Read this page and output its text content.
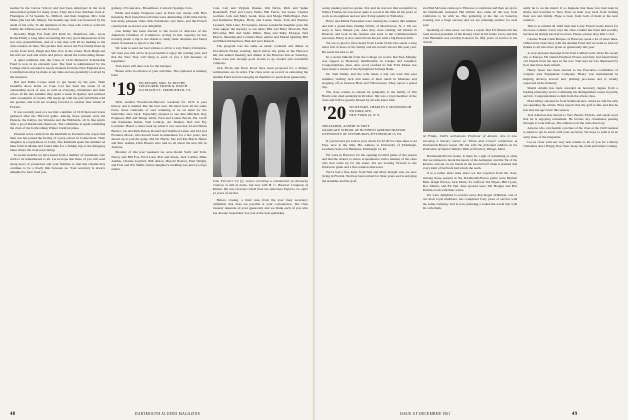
teacher in the Glover School and had been employed in the local educational system for many years. They have four children: Jack A. Flannigan, of 54 Seaside St., Milford, and their daughter, Mrs. John Matte (the late Mr. Matte). Six months ago Jack was bereaved by the death of his wife. To the members of the class who wish to write his family his address was sent forward.

Recently Hugh Fox from 203 Perth St., Brantford, Ont., wrote Rome Emley a long letter recounting the very good impressions of his two new grandchildren, and of a trip they will all be making to the class reunion in June. The picture here shows the Fox family lined up on the front lawn, Hugh and Mrs. Fox in the center. Both Hugh and his wife are well and active and plan to attend the forthcoming dinner.

A quiet reminder that the Class of 1919 Memorial Scholarship Fund is now in its eleventh year. The fund is administered by the College and is awarded to needy students from the New England area. Contributions may be made at any time and are gratefully received by the treasurer.

Hal and Eddie Cooke seem to get busier by the year. Their beautiful shore home on Cape Cod has been the scene of an outstanding stock of sun, as well as everyday, classmates and their wives. In the late summer they spent a week in Quebec and returned with a basketful of stories. Hal keeps up with his golf and Eddie with her garden, and both are looking forward to another fine winter in Florida.

It was recently seen at a tea that a number of 1919 men and wives gathered after the Harvard game. Among those present were the Parkers, the Kellys, the Warrens and the Hubbards, all in fine spirits after a good Dartmouth afternoon. The committee is again reminding the class of the forthcoming Winter Carnival plans.

Pleasant news came from the Kimballs in Portland who report that their son has joined the faculty of a prep school in Connecticut. Their daughter is a sophomore at Colby. The Kimballs spent the summer on their farm in Maine and found time for a fishing trip to the Rangeley lakes where the trout were biting.

In recent months we have heard from a number of classmates who wish to be remembered to all. Let us hope that more of you will send along news of yourselves and your families so that this column may continue to be a lively link between us. Your secretary is always delighted to hear from you.

gomery, 25 Lake Ave., Broadmoor, Colorado Springs, Colo.

Eddie and Kathy Ferguson were in Paris last winter with Bert Kennedy. Bert found that activities were demanding of his time but he had many pleasant visits with classmates over there, and the French countryside as always was delightful.

Gus Kemp has been elected to the board of directors of the American Chamber of Commerce. Acting in this capacity, he has recently made a trip to the Orient to study trade relations and found much of interest to report to the club.

We want to send our best wishes to all for a very Merry Christmas. We trust you will all be in good health to enjoy the coming year, and that the New Year will bring to each of you a full measure of happiness.

Tom Jones will take over for the banquet.

Please write in advance of your activities. The cupboard is running bare!

'19 SECRETARY, MRS. M. BLYTHE
TREASURER, FRANK R. HATCH
254 PEACH ST., SPRINGFIELD, VT.

Well, another Woodstock-Hanover weekend for 1919 is past history and it seemed like the best ever. On hand were all the same faces, those comrades of ours returning to be on hand for the festivities once back. Especially pleased to see Abe Mitchell, Ray Ferguson, Bill and Marge Wells, Fred and Louise Booth, Pla. Groff and Katherine Kulds, Tom Lathrop, Art Dunbar, Ned and Fay Lavender. Heard a cheer went up when it was seen that Al and Helen Barrier, Joe and Pam Fulton, Ronald and Winifred Lakin, and Ted and Florence Morse, who haven't been in attendance for a few years, had shown up to join the gang. Old Dr. Harris, Sue and Pee Hatch, Helen and Mac Adams, Dick Barrett who told us all about his new life in Arizona.

Monday of this past weekend we were Rodel Swift and Tom, Nancy and Bill Fox, Ferd Lord, Eric and Rosie, Jack Collins, Mike Adams, Charles Gaylord, Bill Alston, Harold Neelon, Paul Wright, and Fran and Nat Smith, whose daughter's wedding was just two days earlier.

Cole, Carl and Virginia Danzer, Jim Davis, Dick and Spike Dodenhoff, Fred and Grace Wells, Bill Ferris, Joe Geier, Charles Gorman, Jack and Mary Grant, Ross and Marge Heffelfinger, Pete and Katherine Hughes, Harry and Louise Janus, Tom and Bernice Leonard, Sam Lenz, Ed Lennon, whose wonderful daughter gave the class supper the mystery at our table; Phil and Betty MacColl, Bob McCarthy, Bill and Sadie Miller, Shep and Ruby Morgan, Ned Morris, Sheridan and Cornelia Mott, Arthur and Muriel Quimby, Bill and Helen Richardson, Bud and Gert Russell.

The program was the same as usual: cocktails and dinner at Woodstock Friday evening, lunch before the game at the Hanover Inn, the annual meeting and dinner at the Hanover Inn on Saturday. There were just enough good stories to go around and wonderful company.

Jack Thom and Dave Rood have been proposed for a dinner; nominations are in order. The class went on record as endorsing the Alumni Fund and encouraging its members to participate generously.

John Ferrucci '19 (r), shown receiving a commission as Kentucky Colonel, is still at home, but now with H. C. Hanover Company of Boston. He was recently raised from the American Express Co. after 41 years of service.

Before closing, a brief note from the ever busy secretary: remember that dues are payable at your convenience. The class treasury depends on your generosity and we thank each of you who has already responded. See you at the next gathering.

48	DARTMOUTH ALUMNI MAGAZINE

sonny pushes) and two grates. Tex said he was not that wonderful as Walter Frames, he was never quite to recall at the time all his years of work as an engineer and are now living quietly in Wellesley.

Harry and Mabel Fessenden were touring the country this summer and had a grand time visiting Walch, of Morristown, N. J. We are sorry to have missed you. Also they were visiting old friends in Hanover and took in the reunion and went to the Commencement exercises. Harry is now retired from his job with a big Boston firm.

We are so glad to have heard from Leslie Clark who sends a long letter full of news of his family and his travels abroad this past year. He sends his best to all.

In a recent bulletin from the College we notice that Ken Murphy was tapped to Honorary membership in Casque and Gauntlet. Congratulations, Ken. Also word reached us that Fritz Parker has been made a trustee of the Springfield Savings Bank.

Dr. Tom Emley and his wife made a trip out west this past summer, visiting Jack and Anna at their ranch in Montana and stopping off at Jackson Hole and Yellowstone. They report a grand trip.

The class wishes to extend its sympathy to the family of Jim Harris who died suddenly in October. Jim was a loyal member of the class and will be greatly missed by all who knew him.

'20 SECRETARY, CHARLES F. MCDONOUGH
950 PARK AVE.
NEW YORK 22, N. Y.
TREASURER, ALBERT W. FREY
GRADUATE SCHOOL OF BUSINESS ADMINISTRATION
UNIVERSITY OF PITTSBURGH, PITTSBURGH 13, PA.

If you haven't yet sent in your check for $7.00 for class dues to Al Frey, now is the time. His address is University of Pittsburgh, Graduate School of Business, Pittsburgh 13, Pa.

We were in Hanover for the opening football game of the season and had the chance to renew acquaintance with a number of the class who had come up for the event. We are looking forward to the Princeton game and a fine reunion afterward.

We've had a fine letter from Ned and Mary Knight who are now living in Florida. Ned has been retired for three years and is enjoying the sunshine and the golf.

and Bud McLane came up to Hanover to celebrate and then on up for the Dartmouth weekend. Hal Gilbert also came all the way from California to be with us. The gathering at the Inn on Saturday evening was a huge success and we are planning another for next year.

Speaking of class news, we have a report that Ed Wentworth has been elected president of the Rotary Club in his home town, and that Chet Burnham was recently honored for fifty years of service to his church.

At Friday, 1920's well-known Professor of Alumni, who is now pursuing a literary career at "Times and Crown" conference at Dartmouth-Brown Game. He sits with the principal address at the dedication of Daniel Webster Hall at Presbury Village, Mass.

Dartmouth-Brown Game. It must be a sign of something or other that we refused to break the hearts of the Armagnac and the Tar of the Ravens, and sat on our hands in the second half when it seemed that every kind of bad luck had struck the team.

It is a rather short time since we last reported from the class. Among those present at the Dartmouth-Brown game were Herbert Bain, Ralph Brown, Jack Dunn, Ev Gifford, Sid Hayes, Bill Lyons, Doc Martin, and Ed Vail. Also spotted were Ted Hodges and Bob Perkins, both with their wives.

We were delighted to receive news that Roger Whitman, one of our most loyal members, has completed forty years of service with the same company and is now planning a round-the-world trip with his wife Ruth.

sadly he is on the mend. It so happens that these two had been in Rome and travelled to New York on their way back from visiting their son and family. Hope to hear from both of them at the next reunion.

This is to remind all 1920 men that Larry Farrell wants letters for the news column. Larry says the class column has been dull recently because he simply has had no news. Please, please drop him a card.

Charles Frank Clark Burpee, of Hanover, spent a lot of news lines. Others have been busy with the Alumni Fund and we want to add our thanks to all who have given so generously this year.

A very pleasant message from Tom Lambert tells about his recent trip to Europe. He visited England, France and Italy and found many old friends from his days in the war. Tom says he was impressed by how much has been rebuilt.

Henry Spear has been elected to the Executive Committee of Graphic Arts Equipment Company. Henry was instrumental in helping develop several new printing processes and is widely respected in the industry.

Sherm Adams has been awarded an honorary degree from a leading university and is continuing his distinguished career in public service. Congratulations to him from the whole class.

Brad Ottley checked in from Seminole Ave. where he and his wife are spending the winter. Brad reports that the golf is fine and that he has shot his age twice this season.

Jack Atherton has moved to Vero Beach, Florida, and sends word that he is enjoying retirement. He invites any classmates passing through to look him up. The address is in the class directory.

Anyone who can furnish a picture of the class at the 1920 reunion is asked to get in touch with your secretary. We hope to print it in an early issue of the magazine.

Let us close with our very best wishes to all of you for a Merry Christmas and a Happy New Year. Keep the cards and letters coming.

ISSUE OF DECEMBER 1961	49
